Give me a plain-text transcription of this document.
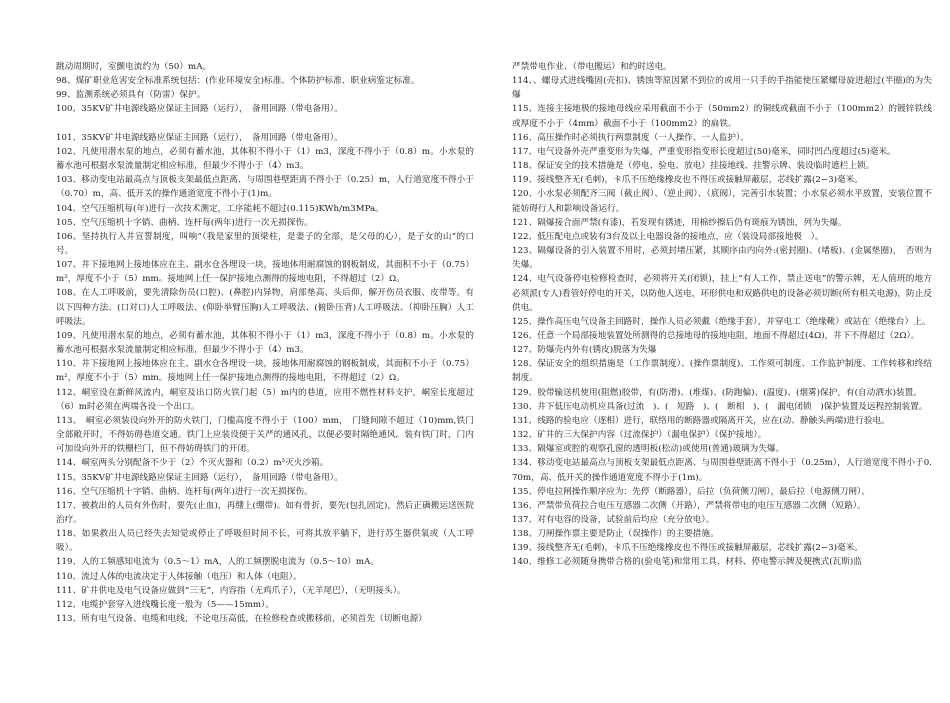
跳动周期时，室颤电流约为（50）mA。

98、煤矿职业危害安全标准系统包括：(作业环境安全)标准、个体防护标准、职业病鉴定标准。

99、监测系统必须具有（防雷）保护。

100、35KV矿井电源线路应保证主回路（运行），　备用回路（带电备用）。

101、35KV矿井电源线路应保证主回路（运行），　备用回路（带电备用）。

102、凡使用潜水泵的地点，必须有蓄水池，其体积不得小于（1）m3，深度不得小于（0.8）m。小水泵的蓄水池可根据水泵流量制定相应标准，但最少不得小于（4）m3。

103、移动变电站最高点与顶板支架最低点距离、与周围巷壁距离不得小于（0.25）m，人行道宽度不得小于（0.70）m，高、低开关的操作通道宽度不得小于(1)m。

104、空气压缩机每(年)进行一次技术测定，工序能耗不超过(0.115)KWh/m3MPa。

105、空气压缩机十字销、曲柄、连杆每(两年)进行一次无损探伤。

106、坚持执行入井宣誓制度，叫响“（我是家里的顶梁柱，是妻子的全部，是父母的心），是子女的山”的口号。

107、井下接地网上接地体应在主、副水仓各埋设一块，接地体用耐腐蚀的钢板制成，其面积不小于（0.75）m²，厚度不小于（5）mm。接地网上任一保护接地点测得的接地电阻，不得超过（2）Ω。

108、在人工呼吸前，要先清除伤员(口腔)、(鼻腔)内异物，肩部垫高、头后仰，解开伤员衣服、皮带等。有以下四种方法、(口对口)人工呼吸法、(仰卧举臂压胸)人工呼吸法、(俯卧压背)人工呼吸法、（抑卧压胸）人工呼吸法。

109、凡使用潜水泵的地点，必须有蓄水池，其体积不得小于（1）m3，深度不得小于（0.8）m。小水泵的蓄水池可根据水泵流量制定相应标准，但最少不得小于（4）m3。

110、井下接地网上接地体应在主、副水仓各埋设一块，接地体用耐腐蚀的钢板制成，其面积不小于（0.75）m²，厚度不小于（5）mm。接地网上任一保护接地点测得的接地电阻，不得超过（2）Ω。

112、峒室设在新鲜风流内，峒室及出口防火铁门起（5）m内的巷道，应用不燃性材料支护，峒室长度超过（6）m时必须在两端各设一个出口。

113、　峒室必须装设向外开的防火铁门，门槛高度不得小于（100）mm，　门缝间隙不超过（10)mm,铁门全部敞开时，不得妨碍巷道交通。铁门上应装设便于关严的通风孔，以便必要时隔绝通风。装有铁门时，门内可加设向外开的铁栅栏门，但不得妨碍铁门的开闭。

114、峒室两头分别配备不少于（2）个灭火器和（0.2）m³灭火沙箱。

115、35KV矿井电源线路应保证主回路（运行），　备用回路（带电备用）。

116、空气压缩机十字销、曲柄、连杆每(两年)进行一次无损探伤。

117、被救出的人员有外伤时，要先(止血)，再绷上(绷带)。如有骨折，要先(包扎固定)，然后正确搬运送医院治疗。

118、如果救出人员已经失去知觉或停止了呼吸但时间不长，可将其放平躺下，进行苏生器供氧或（人工呼吸）。

119、人的工频感知电流为（0.5～1）mA，人的工频摆脱电流为（0.5～10）mA。

110、流过人体的电流决定于人体接触（电压）和人体（电阻）。

111、矿井供电及电气设备应做到“三无”，内容指（无鸡爪子），（无羊尾巴），（无明接头）。

112、电缆护套穿入进线嘴长度一般为（5——15mm）。

113、所有电气设备、电缆和电线，不论电压高低，在检修检查或搬移前，必须首先（切断电源）

严禁带电作业、（带电搬运）和约时送电。

114、、螺母式进线嘴固(壳扣)、锈蚀等原因紧不到位的或用一只手的手指能使压紧螺母旋进超过(半圈)的为失爆

115、连接主接地极的接地母线应采用截面不小于（50mm2）的铜线或截面不小于（100mm2）的镀锌铁线或厚度不小于（4mm）截面不小于（100mm2）的扁铁。

116、高压操作时必须执行两票制度（一人操作、一人监护）。

117、电气设备外壳严重变形为失爆，严重变形指变形长度超过(50)毫米，同时凹凸度超过(5)毫米。

118、保证安全的技术措施是（停电、验电、放电）挂接地线、挂警示牌、装设临时遮栏上锁。

119、接线整齐无(毛刺)，卡爪不压绝缘橡皮也不得压或接触屏蔽层，芯线扩露(2~3)毫米。

120、小水泵必须配齐三阀（截止阀）、（逆止阀）、（底阀），完善引水装置；小水泵必须水平放置，安装位置不能妨碍行人和影响设备运行。

121、隔爆接合面严禁(有漆)，若发现有锈迹，用棉纱擦后仍有斑痕为锈蚀，列为失爆。

122、低压配电点或装有3台及以上电器设备的接地点，应（装设局部接地极　）。

123、隔爆设备的引入装置不用时，必须封堵压紧，其顺序由内向外:(密封圈)、(堵板)、(金属垫圈)，　否则为失爆。

124、电气设备停电检修检查时，必须将开关(闭锁)，挂上“有人工作，禁止送电”的警示牌，无人值班的地方必须派(专人)看管好停电的开关，以防他人送电，环形供电和双路供电的设备必须切断(所有相关电源)，防止反供电。

125、操作高压电气设备主回路时，操作人员必须戴（绝缘手套），并穿电工（绝缘靴）或站在（绝缘台）上。

126、任意一个局部接地装置处所测得的总接地母的接地电阻，地面不得超过(4Ω)，井下不得超过（2Ω）。

127、防爆壳内外有(锈皮)脱落为失爆

128、保证安全的组织措施是（工作票制度）、(操作票制度)、工作须可制度、工作监护制度、工作转移和终结制度。

129、胶带输送机使用(阻燃)胶带，有(防滑)、(堆煤)、(防跑偏)、(温度)、(烟雾)保护，有(自动洒水)装置。

130、井下低压电动机应具备(过流　)、(　短路　)、(　断相　)、(　漏电闭锁　)保护装置及远程控制装置。

131、线路的验电应（逐相）进行，联络用的断路器或隔离开关，应在(动、静触头两端)进行验电。

132、矿井的三大保护内容（过流保护）（漏电保护）（保护接地）。

133、隔爆室或腔的观察孔窗的透明板(松动)或使用(普通)玻璃为失爆。

134、移动变电站最高点与顶板支架最低点距离、与周围巷壁距离不得小于（0.25m），人行道宽度不得小于0.70m，高、低开关的操作通道宽度不得小于(1m)。

135、停电拉闸操作顺序应为：先停（断路器），后拉（负荷侧刀闸），最后拉（电源侧刀闸）。

136、严禁带负荷拉合电压互感器二次侧（开路），严禁将带电的电压互感器二次侧（短路）。

137、对有电容的设备，试验前后均应（充分放电）。

138、刀闸操作票主要是防止（误操作）的主要措施。

139、接线整齐无(毛刺)，卡爪不压绝缘橡皮也不得压或接触屏蔽层，芯线扩露(2~3)毫米。

140、维修工必须随身携带合格的(验电笔)和常用工具、材料、停电警示牌及便携式(瓦斯)监
